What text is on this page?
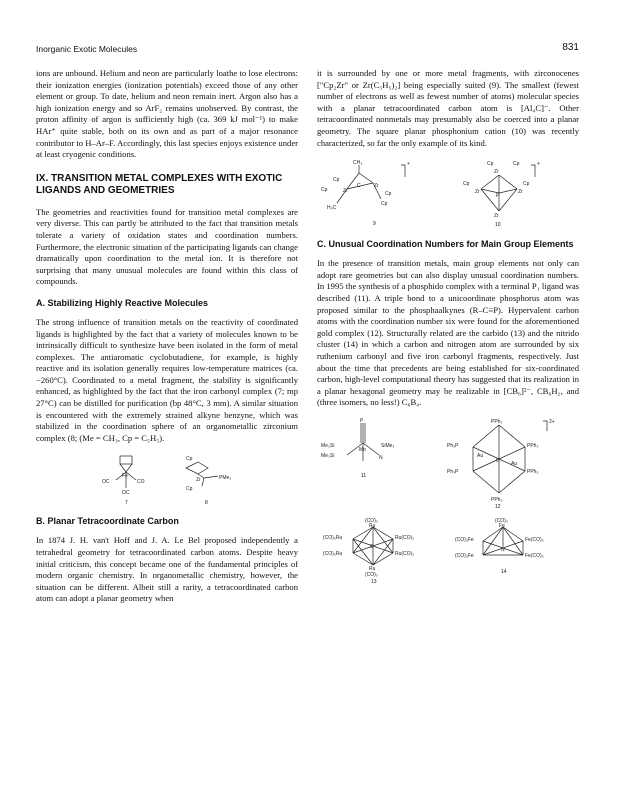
Inorganic Exotic Molecules	831

ions are unbound. Helium and neon are particularly loathe to lose electrons: their ionization energies (ionization potentials) exceed those of any other element or group. To date, helium and neon remain inert. Argon also has a high ionization energy and so ArF₂ remains unobserved. By contrast, the proton affinity of argon is sufficiently high (ca. 369 kJ mol⁻¹) to make HAr⁺ quite stable, both on its own and as part of a major resonance contributor to H–Ar–F. Accordingly, this last species enjoys existence under at least cryogenic conditions.

IX. TRANSITION METAL COMPLEXES WITH EXOTIC LIGANDS AND GEOMETRIES

The geometries and reactivities found for transition metal complexes are very diverse. This can partly be attributed to the fact that transition metals tolerate a variety of oxidation states and coordination numbers. Furthermore, the electronic situation of the participating ligands can change dramatically upon coordination to the metal ion. It is therefore not surprising that many unusual molecules are found within this class of compounds.

A. Stabilizing Highly Reactive Molecules

The strong influence of transition metals on the reactivity of coordinated ligands is highlighted by the fact that a variety of molecules known to be intrinsically difficult to synthesize have been isolated in the form of metal complexes. The antiaromatic cyclobutadiene, for example, is highly reactive and its isolation generally requires low-temperature matrices (ca. −260°C). Coordinated to a metal fragment, the stability is significantly enhanced, as highlighted by the fact that the iron carbonyl complex (7; mp 27°C) can be distilled for purification (bp 48°C, 3 mm). A similar situation is encountered with the extremely strained alkyne benzyne, which was stabilized in the coordination sphere of an organometallic zirconium complex (8; (Me = CH₃, Cp = C₅H₅).

OC
Fe
CO
OC
7
Cp
Zr
Cp
PMe₃
8
B. Planar Tetracoordinate Carbon

In 1874 J. H. van't Hoff and J. A. Le Bel proposed independently a tetrahedral geometry for tetracoordinated carbon atoms. Despite heavy initial criticism, this concept became one of the fundamental principles of modern organic chemistry. In organometallic chemistry, however, the situation can be different. Albeit still a rarity, a tetracoordinated carbon atom can adopt a planar geometry when

it is surrounded by one or more metal fragments, with zirconocenes ["Cp₂Zr" or Zr(C₅H₅)₂] being especially suited (9). The smallest (fewest number of electrons as well as fewest number of atoms) molecular species with a planar tetracoordinated carbon atom is [Al₄C]⁻. Other tetracoordinated nonmetals may presumably also be coerced into a planar geometry. The square planar phosphonium cation (10) was recently characterized, so far the only example of its kind.

CH₃	+
Cp
Cp	Zr
C	Zr
Cp
Cp
H₃C
9
+
Cp	Cp
Cp	Cp
P
Zr
Zr	Zr
Zr
10
C. Unusual Coordination Numbers for Main Group Elements

In the presence of transition metals, main group elements not only can adopt rare geometries but can also display unusual coordination numbers. In 1995 the synthesis of a phosphido complex with a terminal P₁ ligand was described (11). A triple bond to a unicoordinate phosphorus atom was proposed similar to the phosphaalkynes (R–C≡P). Hypervalent carbon atoms with the coordination number six were found for the aforementioned gold complex (12). Structurally related are the carbido (13) and the nitrido cluster (14) in which a carbon and nitrogen atom are surrounded by six ruthenium carbonyl and five iron carbonyl fragments, respectively. Just about the time that precedents are being established for six-coordinated carbon, high-level computational theory has suggested that its realization in a planar hexagonal geometry may be realizable in [CB₆]²⁻, CB₆H₂, and (three isomers, no less!) C₆B₄.

PPh₃	2+
Me₃Si
Me₃Si
P
Mo
SiMe₃
N
11
Ph₃P
Au
PPh₃
C
Ph₃P	PPh₃
Au
PPh₃
12
(CO)₃
Ru
(CO)₃Ru	Ru(CO)₃
C
(CO)₃Ru	Ru(CO)₃
Ru
(CO)₃
13
(CO)₃
Fe
(CO)₃Fe	Fe(CO)₃
N
(CO)₃Fe	Fe(CO)₃
14
